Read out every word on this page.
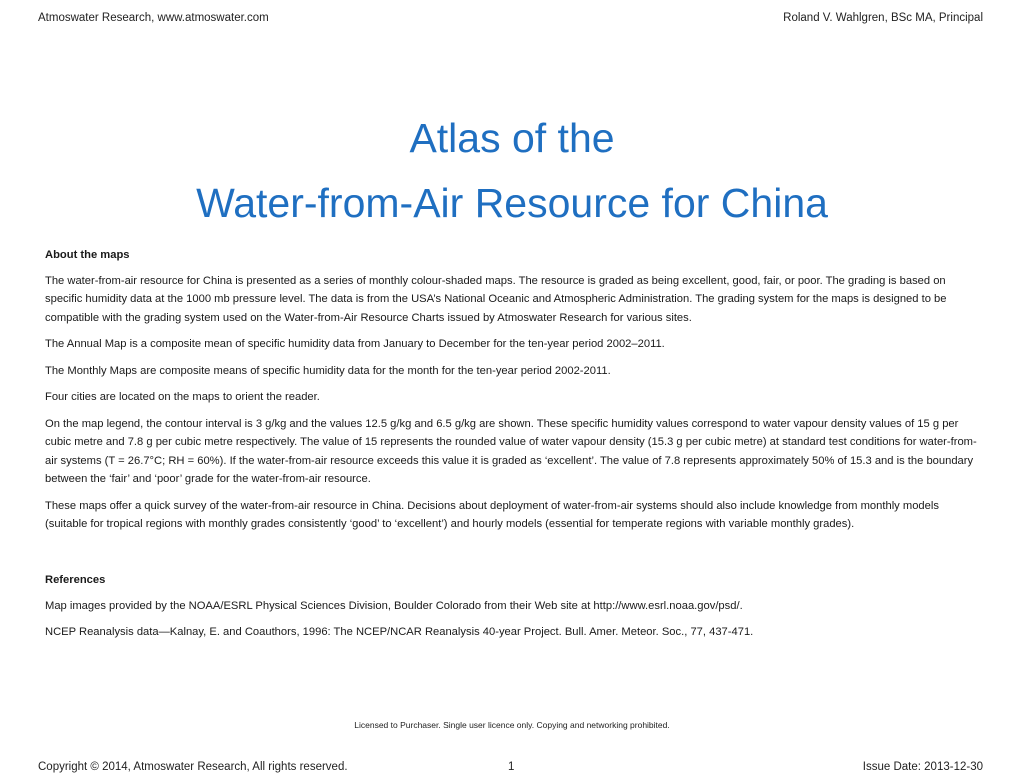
Atmoswater Research, www.atmoswater.com	Roland V. Wahlgren, BSc MA, Principal
Atlas of the
Water-from-Air Resource for China

About the maps

The water-from-air resource for China is presented as a series of monthly colour-shaded maps. The resource is graded as being excellent, good, fair, or poor. The grading is based on specific humidity data at the 1000 mb pressure level. The data is from the USA’s National Oceanic and Atmospheric Administration. The grading system for the maps is designed to be compatible with the grading system used on the Water-from-Air Resource Charts issued by Atmoswater Research for various sites.

The Annual Map is a composite mean of specific humidity data from January to December for the ten-year period 2002–2011.

The Monthly Maps are composite means of specific humidity data for the month for the ten-year period 2002-2011.

Four cities are located on the maps to orient the reader.

On the map legend, the contour interval is 3 g/kg and the values 12.5 g/kg and 6.5 g/kg are shown. These specific humidity values correspond to water vapour density values of 15 g per cubic metre and 7.8 g per cubic metre respectively. The value of 15 represents the rounded value of water vapour density (15.3 g per cubic metre) at standard test conditions for water-from-air systems (T = 26.7°C; RH = 60%). If the water-from-air resource exceeds this value it is graded as ‘excellent’. The value of 7.8 represents approximately 50% of 15.3 and is the boundary between the ‘fair’ and ‘poor’ grade for the water-from-air resource.

These maps offer a quick survey of the water-from-air resource in China. Decisions about deployment of water-from-air systems should also include knowledge from monthly models (suitable for tropical regions with monthly grades consistently ‘good’ to ‘excellent’) and hourly models (essential for temperate regions with variable monthly grades).

References

Map images provided by the NOAA/ESRL Physical Sciences Division, Boulder Colorado from their Web site at http://www.esrl.noaa.gov/psd/.

NCEP Reanalysis data—Kalnay, E. and Coauthors, 1996: The NCEP/NCAR Reanalysis 40-year Project. Bull. Amer. Meteor. Soc., 77, 437-471.

Licensed to Purchaser. Single user licence only. Copying and networking prohibited.
Copyright © 2014, Atmoswater Research, All rights reserved.	1	Issue Date: 2013-12-30
